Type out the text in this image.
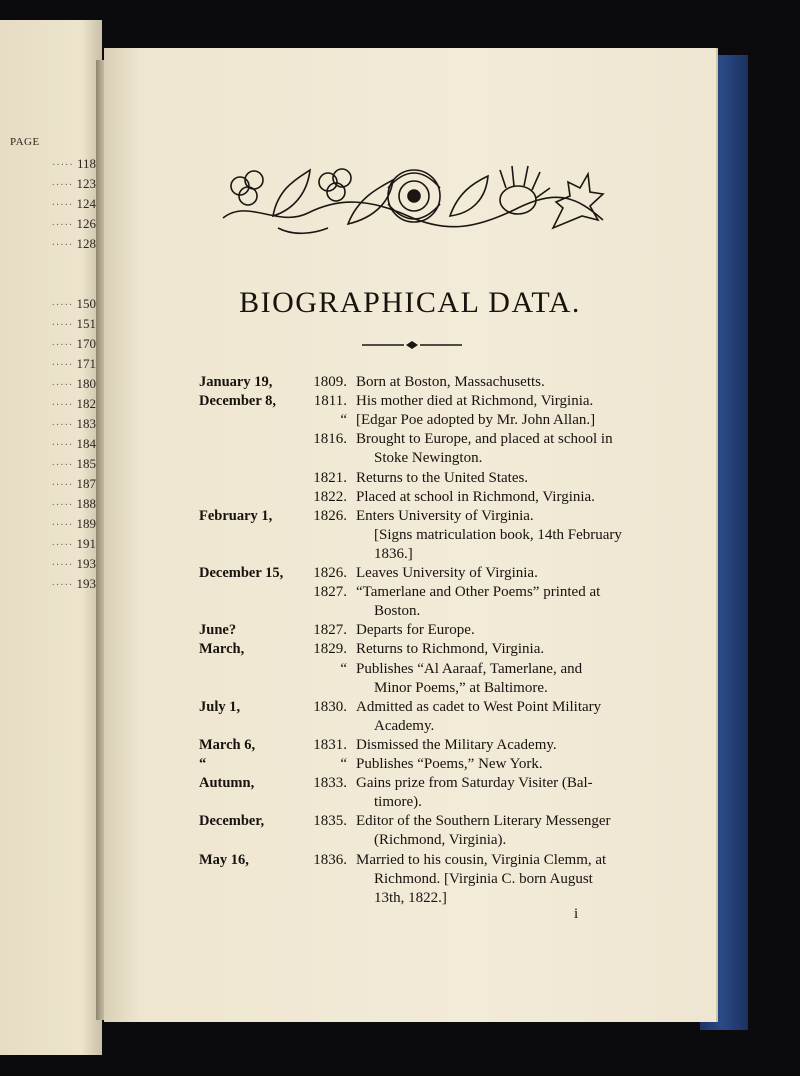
PAGE
····· 118
····· 123
····· 124
····· 126
····· 128
····· 150
····· 151
····· 170
····· 171
····· 180
····· 182
····· 183
····· 184
····· 185
····· 187
····· 188
····· 189
····· 191
····· 193
····· 193
BIOGRAPHICAL DATA.
January 19,	1809. Born at Boston, Massachusetts.
December 8,	1811. His mother died at Richmond, Virginia.
“ [Edgar Poe adopted by Mr. John Allan.]
1816. Brought to Europe, and placed at school in
Stoke Newington.
1821. Returns to the United States.
1822. Placed at school in Richmond, Virginia.
February 1,	1826. Enters University of Virginia.
[Signs matriculation book, 14th February
1836.]
December 15,	1826. Leaves University of Virginia.
1827. “Tamerlane and Other Poems” printed at
Boston.
June?	1827. Departs for Europe.
March,	1829. Returns to Richmond, Virginia.
“ Publishes “Al Aaraaf, Tamerlane, and
Minor Poems,” at Baltimore.
July 1,	1830. Admitted as cadet to West Point Military
Academy.
March 6,	1831. Dismissed the Military Academy.
“	“ Publishes “Poems,” New York.
Autumn,	1833. Gains prize from Saturday Visiter (Bal-
timore).
December,	1835. Editor of the Southern Literary Messenger
(Richmond, Virginia).
May 16,	1836. Married to his cousin, Virginia Clemm, at
Richmond. [Virginia C. born August
13th, 1822.]
i
